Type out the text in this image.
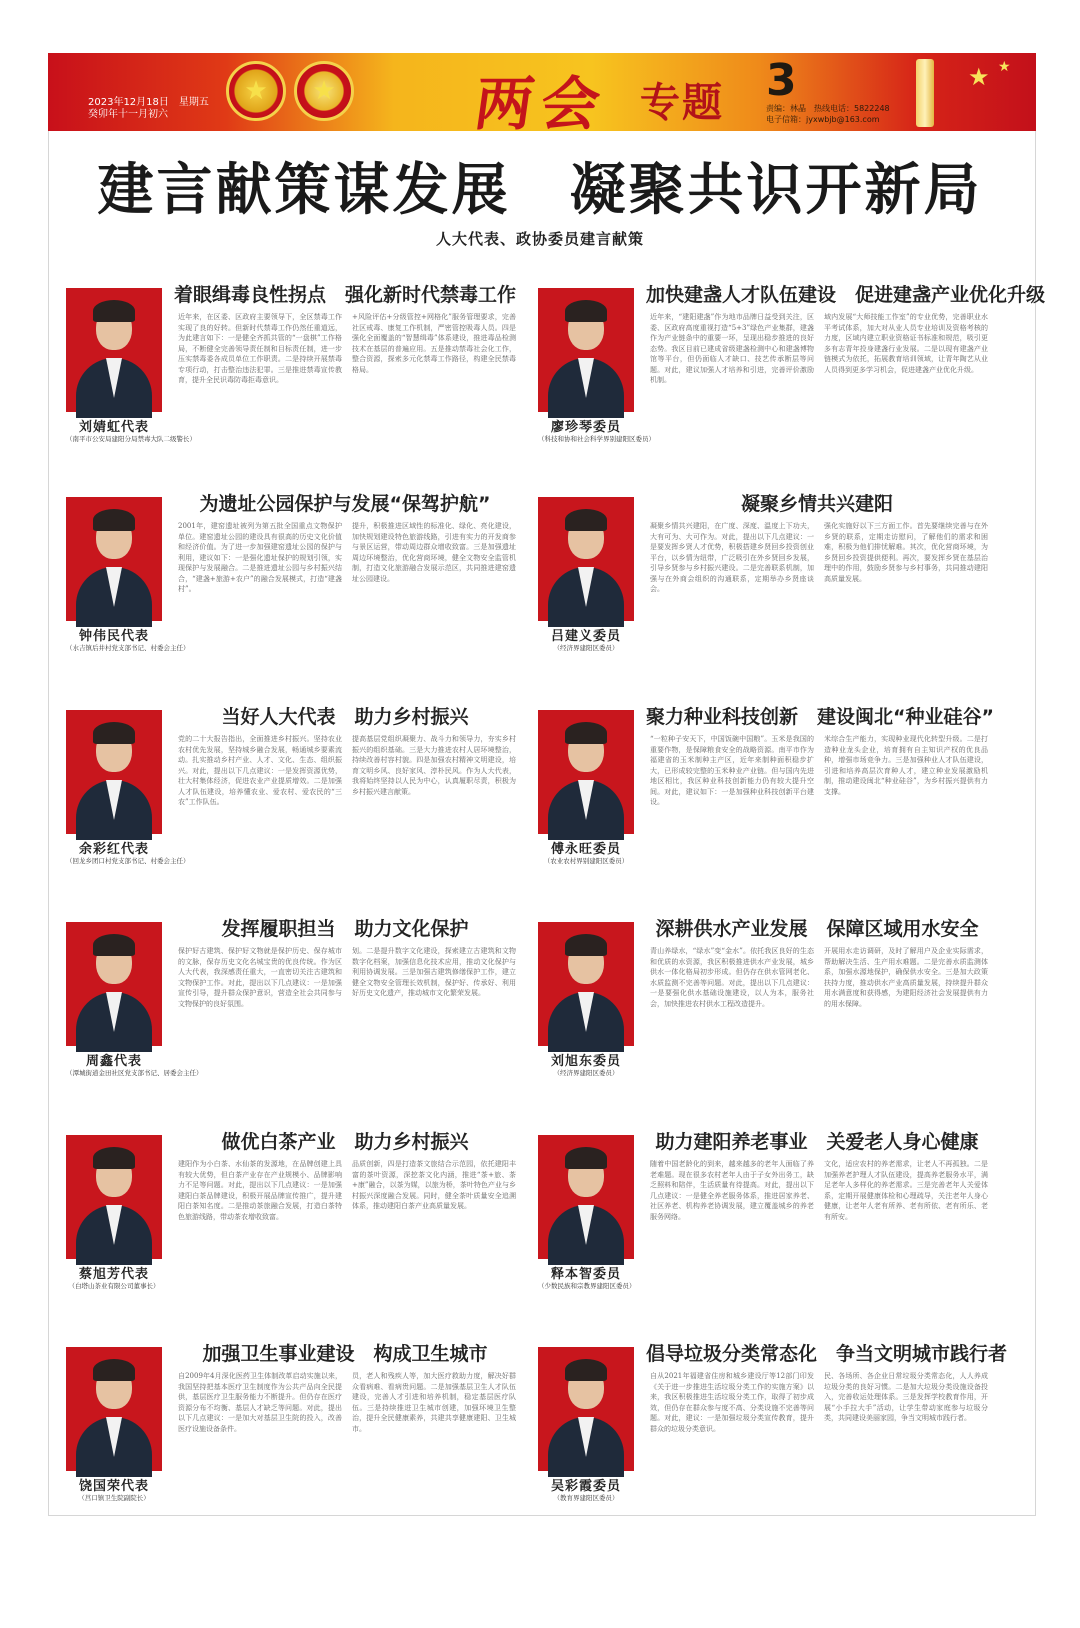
2023年12月18日　星期五
癸卯年十一月初六
★ ★ 两会 专题 3
责编：林晶　热线电话：5822248
电子信箱：jyxwbjb@163.com
★ ★
建言献策谋发展　凝聚共识开新局
人大代表、政协委员建言献策
刘婧虹代表
（南平市公安局建阳分局禁毒大队二级警长）
着眼缉毒良性拐点　强化新时代禁毒工作
近年来，在区委、区政府主要领导下，全区禁毒工作实现了良的好转。但新时代禁毒工作仍然任重道远，为此建言如下：一是健全齐抓共管的“一盘棋”工作格局，不断健全完善领导责任制和目标责任制，进一步压实禁毒委各成员单位工作职责。二是持续开展禁毒专项行动，打击整治违法犯罪。三是推进禁毒宣传教育，提升全民识毒防毒拒毒意识。
+风险评估+分级管控+网格化”服务管理要求，完善社区戒毒、康复工作机制，严密管控吸毒人员。四是强化全面覆盖的“智慧缉毒”体系建设，推进毒品检测技术在基层的普遍应用。五是推动禁毒社会化工作，整合资源，探索多元化禁毒工作路径，构建全民禁毒格局。
廖珍琴委员
（科技和协和社会科学界别建阳区委员）
加快建盏人才队伍建设　促进建盏产业优化升级
近年来，“建阳建盏”作为地市品牌日益受到关注，区委、区政府高度重视打造“5+3”绿色产业集群，建盏作为产业链条中的重要一环，呈现出稳步推进的良好态势。我区目前已建成省级建盏检测中心和建盏博物馆等平台，但仍面临人才缺口、技艺传承断层等问题。对此，建议加强人才培养和引进，完善评价激励机制。
域内发展“大师技能工作室”的专业优势，完善职业水平考试体系，加大对从业人员专业培训及资格考核的力度，区域内建立职业资格证书标准和规范，吸引更多有志青年投身建盏行业发展。二是以现有建盏产业链模式为依托，拓展教育培训领域，让青年陶艺从业人员得到更多学习机会，促进建盏产业优化升级。
钟伟民代表
（水吉镇后井村党支部书记、村委会主任）
为遗址公园保护与发展“保驾护航”
2001年，建窑遗址被列为第五批全国重点文物保护单位。建窑遗址公园的建设具有很高的历史文化价值和经济价值。为了进一步加强建窑遗址公园的保护与利用，建议如下：一是强化遗址保护的规划引领，实现保护与发展融合。二是推进遗址公园与乡村振兴结合，“建盏+旅游+农户”的融合发展模式，打造“建盏村”。
提升，积极推进区域性的标准化、绿化、亮化建设，加快规划建设特色旅游线路，引进有实力的开发商参与景区运营，带动周边群众增收致富。三是加强遗址周边环境整治，优化营商环境，健全文物安全监管机制，打造文化旅游融合发展示范区，共同推进建窑遗址公园建设。
吕建义委员
（经济界建阳区委员）
凝聚乡情共兴建阳
凝聚乡情共兴建阳，在广度、深度、温度上下功夫，大有可为、大可作为。对此，提出以下几点建议：一是要发挥乡贤人才优势，积极搭建乡贤回乡投资创业平台，以乡情为纽带，广泛吸引在外乡贤回乡发展，引导乡贤参与乡村振兴建设。二是完善联系机制，加强与在外商会组织的沟通联系，定期举办乡贤座谈会。
强化实施好以下三方面工作。首先要继续完善与在外乡贤的联系，定期走访慰问，了解他们的需求和困难，积极为他们排忧解难。其次，优化营商环境，为乡贤回乡投资提供便利。再次，要发挥乡贤在基层治理中的作用，鼓励乡贤参与乡村事务，共同推动建阳高质量发展。
余彩红代表
（回龙乡团口村党支部书记、村委会主任）
当好人大代表　助力乡村振兴
党的二十大报告指出，全面推进乡村振兴。坚持农业农村优先发展，坚持城乡融合发展，畅通城乡要素流动。扎实推动乡村产业、人才、文化、生态、组织振兴。对此，提出以下几点建议：一是发挥资源优势，壮大村集体经济，促进农业产业提质增效。二是加强人才队伍建设，培养懂农业、爱农村、爱农民的“三农”工作队伍。
提高基层党组织凝聚力、战斗力和领导力，夯实乡村振兴的组织基础。三是大力推进农村人居环境整治，持续改善村容村貌。四是加强农村精神文明建设，培育文明乡风、良好家风、淳朴民风。作为人大代表，我将始终坚持以人民为中心，认真履职尽责，积极为乡村振兴建言献策。
傅永旺委员
（农业农村界别建阳区委员）
聚力种业科技创新　建设闽北“种业硅谷”
“一粒种子安天下，中国饭碗中国粮”。玉米是我国的重要作物，是保障粮食安全的战略资源。南平市作为福建省的玉米制种主产区，近年来制种面积稳步扩大，已形成较完整的玉米种业产业链。但与国内先进地区相比，我区种业科技创新能力仍有较大提升空间。对此，建议如下：一是加强种业科技创新平台建设。
米综合生产能力，实现种业现代化转型升级。二是打造种业龙头企业，培育拥有自主知识产权的优良品种，增强市场竞争力。三是加强种业人才队伍建设，引进和培养高层次育种人才，建立种业发展激励机制，推动建设闽北“种业硅谷”，为乡村振兴提供有力支撑。
周鑫代表
（潭城街道金田社区党支部书记、居委会主任）
发挥履职担当　助力文化保护
保护好古建筑、保护好文物就是保护历史、保存城市的文脉，保存历史文化名城宝贵的优良传统。作为区人大代表，我深感责任重大，一直密切关注古建筑和文物保护工作。对此，提出以下几点建议：一是加强宣传引导，提升群众保护意识，营造全社会共同参与文物保护的良好氛围。
划。二是提升数字文化建设，探索建立古建筑和文物数字化档案，加强信息化技术应用，推动文化保护与利用协调发展。三是加强古建筑修缮保护工作，建立健全文物安全管理长效机制，保护好、传承好、利用好历史文化遗产，推动城市文化繁荣发展。
刘旭东委员
（经济界建阳区委员）
深耕供水产业发展　保障区域用水安全
青山养绿水，“绿水”变“金水”。依托我区良好的生态和优质的水资源，我区积极推进供水产业发展，城乡供水一体化格局初步形成。但仍存在供水管网老化、水质监测不完善等问题。对此，提出以下几点建议：一是要强化供水基础设施建设，以人为本，服务社会，加快推进农村供水工程改造提升。
开展用水走访调研，及时了解用户及企业实际需求，帮助解决生活、生产用水难题。二是完善水质监测体系，加强水源地保护，确保供水安全。三是加大政策扶持力度，推动供水产业高质量发展，持续提升群众用水满意度和获得感，为建阳经济社会发展提供有力的用水保障。
蔡旭芳代表
（白塔山茶业有限公司董事长）
做优白茶产业　助力乡村振兴
建阳作为小白茶、水仙茶的发源地，在品牌创建上具有较大优势，但白茶产业存在产业规模小、品牌影响力不足等问题。对此，提出以下几点建议：一是加强建阳白茶品牌建设，积极开展品牌宣传推广，提升建阳白茶知名度。二是推动茶旅融合发展，打造白茶特色旅游线路，带动茶农增收致富。
品质创新，四是打造茶文旅结合示范园，依托建阳丰富的茶叶资源，深挖茶文化内涵，推进“茶+旅、茶+康”融合，以茶为媒，以旅为桥，茶叶特色产业与乡村振兴深度融合发展。同时，健全茶叶质量安全追溯体系，推动建阳白茶产业高质量发展。
释本智委员
（少数民族和宗教界建阳区委员）
助力建阳养老事业　关爱老人身心健康
随着中国老龄化的到来，越来越多的老年人面临了养老难题。现在很多农村老年人由于子女外出务工，缺乏照料和陪伴，生活质量有待提高。对此，提出以下几点建议：一是健全养老服务体系，推进居家养老、社区养老、机构养老协调发展，建立覆盖城乡的养老服务网络。
文化，适应农村的养老需求，让老人不再孤独。二是加强养老护理人才队伍建设，提高养老服务水平，满足老年人多样化的养老需求。三是完善老年人关爱体系，定期开展健康体检和心理疏导，关注老年人身心健康，让老年人老有所养、老有所依、老有所乐、老有所安。
饶国荣代表
（莒口镇卫生院副院长）
加强卫生事业建设　构成卫生城市
自2009年4月深化医药卫生体制改革启动实施以来，我国坚持把基本医疗卫生制度作为公共产品向全民提供，基层医疗卫生服务能力不断提升。但仍存在医疗资源分布不均衡、基层人才缺乏等问题。对此，提出以下几点建议：一是加大对基层卫生院的投入，改善医疗设施设备条件。
员，老人和残疾人等，加大医疗救助力度，解决好群众看病难、看病贵问题。二是加强基层卫生人才队伍建设，完善人才引进和培养机制，稳定基层医疗队伍。三是持续推进卫生城市创建，加强环境卫生整治，提升全民健康素养，共建共享健康建阳、卫生城市。
吴彩霞委员
（教育界建阳区委员）
倡导垃圾分类常态化　争当文明城市践行者
自从2021年福建省住房和城乡建设厅等12部门印发《关于进一步推进生活垃圾分类工作的实施方案》以来，我区积极推进生活垃圾分类工作，取得了初步成效，但仍存在群众参与度不高、分类设施不完善等问题。对此，建议：一是加强垃圾分类宣传教育，提升群众的垃圾分类意识。
民、各场所、各企业日常垃圾分类常态化，人人养成垃圾分类的良好习惯。二是加大垃圾分类设施设备投入，完善收运处理体系。三是发挥学校教育作用，开展“小手拉大手”活动，让学生带动家庭参与垃圾分类，共同建设美丽家园，争当文明城市践行者。
